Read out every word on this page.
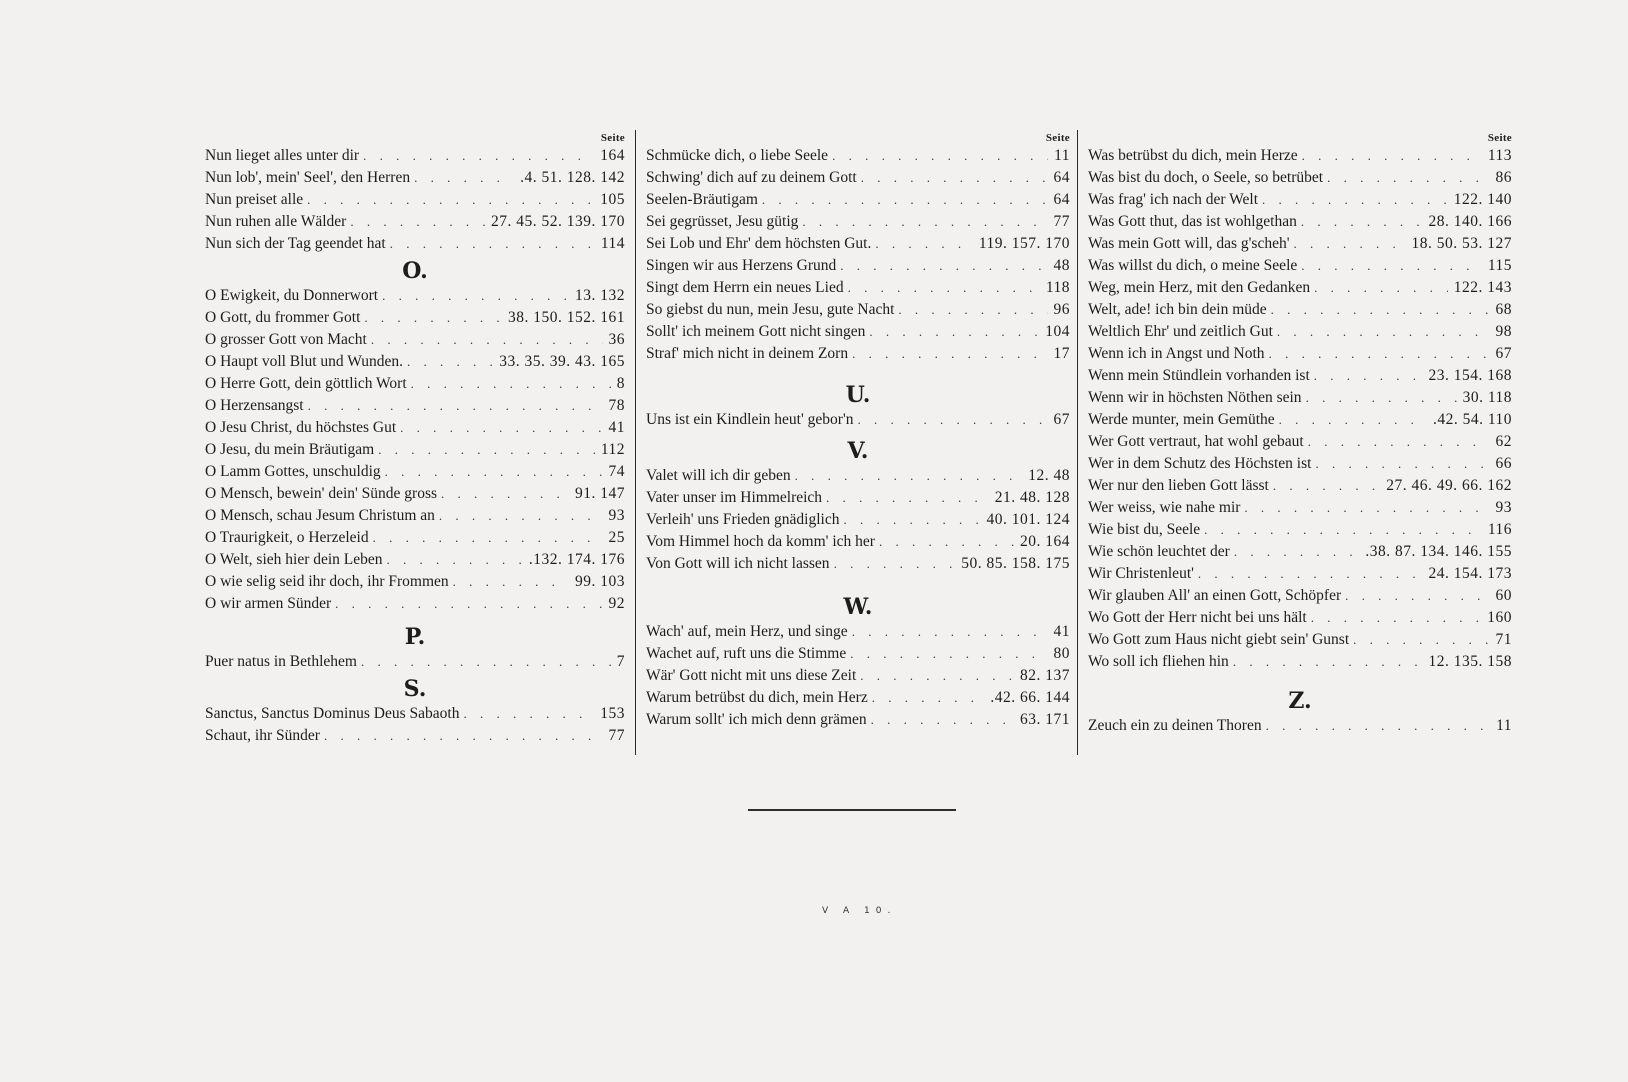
Seite
Nun lieget alles unter dir . . .	164
Nun lob', mein' Seel', den Herren . . .	.4. 51. 128. 142
Nun preiset alle . . .	105
Nun ruhen alle Wälder . . .	27. 45. 52. 139. 170
Nun sich der Tag geendet hat . . .	114
O.
O Ewigkeit, du Donnerwort . . .	13. 132
O Gott, du frommer Gott . . .	38. 150. 152. 161
O grosser Gott von Macht . . .	36
O Haupt voll Blut und Wunden. . . .	33. 35. 39. 43. 165
O Herre Gott, dein göttlich Wort . . .	8
O Herzensangst . . .	78
O Jesu Christ, du höchstes Gut . . .	41
O Jesu, du mein Bräutigam . . .	112
O Lamm Gottes, unschuldig . . .	74
O Mensch, bewein' dein' Sünde gross . . .	91. 147
O Mensch, schau Jesum Christum an . . .	93
O Traurigkeit, o Herzeleid . . .	25
O Welt, sieh hier dein Leben . . .	.132. 174. 176
O wie selig seid ihr doch, ihr Frommen . . .	99. 103
O wir armen Sünder . . .	92
P.
Puer natus in Bethlehem . . .	7
S.
Sanctus, Sanctus Dominus Deus Sabaoth . . .	153
Schaut, ihr Sünder . . .	77
Seite
Schmücke dich, o liebe Seele . . .	11
Schwing' dich auf zu deinem Gott . . .	64
Seelen-Bräutigam . . .	64
Sei gegrüsset, Jesu gütig . . .	77
Sei Lob und Ehr' dem höchsten Gut. . . .	119. 157. 170
Singen wir aus Herzens Grund . . .	48
Singt dem Herrn ein neues Lied . . .	118
So giebst du nun, mein Jesu, gute Nacht . . .	96
Sollt' ich meinem Gott nicht singen . . .	104
Straf' mich nicht in deinem Zorn . . .	17
U.
Uns ist ein Kindlein heut' gebor'n . . .	67
V.
Valet will ich dir geben . . .	12. 48
Vater unser im Himmelreich . . .	21. 48. 128
Verleih' uns Frieden gnädiglich . . .	40. 101. 124
Vom Himmel hoch da komm' ich her . . .	20. 164
Von Gott will ich nicht lassen . . .	50. 85. 158. 175
W.
Wach' auf, mein Herz, und singe . . .	41
Wachet auf, ruft uns die Stimme . . .	80
Wär' Gott nicht mit uns diese Zeit . . .	82. 137
Warum betrübst du dich, mein Herz . . .	.42. 66. 144
Warum sollt' ich mich denn grämen . . .	63. 171
Seite
Was betrübst du dich, mein Herze . . .	113
Was bist du doch, o Seele, so betrübet . . .	86
Was frag' ich nach der Welt . . .	122. 140
Was Gott thut, das ist wohlgethan . . .	28. 140. 166
Was mein Gott will, das g'scheh' . . .	18. 50. 53. 127
Was willst du dich, o meine Seele . . .	115
Weg, mein Herz, mit den Gedanken . . .	122. 143
Welt, ade! ich bin dein müde . . .	68
Weltlich Ehr' und zeitlich Gut . . .	98
Wenn ich in Angst und Noth . . .	67
Wenn mein Stündlein vorhanden ist . . .	23. 154. 168
Wenn wir in höchsten Nöthen sein . . .	30. 118
Werde munter, mein Gemüthe . . .	.42. 54. 110
Wer Gott vertraut, hat wohl gebaut . . .	62
Wer in dem Schutz des Höchsten ist . . .	66
Wer nur den lieben Gott lässt . . .	27. 46. 49. 66. 162
Wer weiss, wie nahe mir . . .	93
Wie bist du, Seele . . .	116
Wie schön leuchtet der . . .	.38. 87. 134. 146. 155
Wir Christenleut' . . .	24. 154. 173
Wir glauben All' an einen Gott, Schöpfer . . .	60
Wo Gott der Herr nicht bei uns hält . . .	160
Wo Gott zum Haus nicht giebt sein' Gunst . . .	71
Wo soll ich fliehen hin . . .	12. 135. 158
Z.
Zeuch ein zu deinen Thoren . . .	11
V A 10.
